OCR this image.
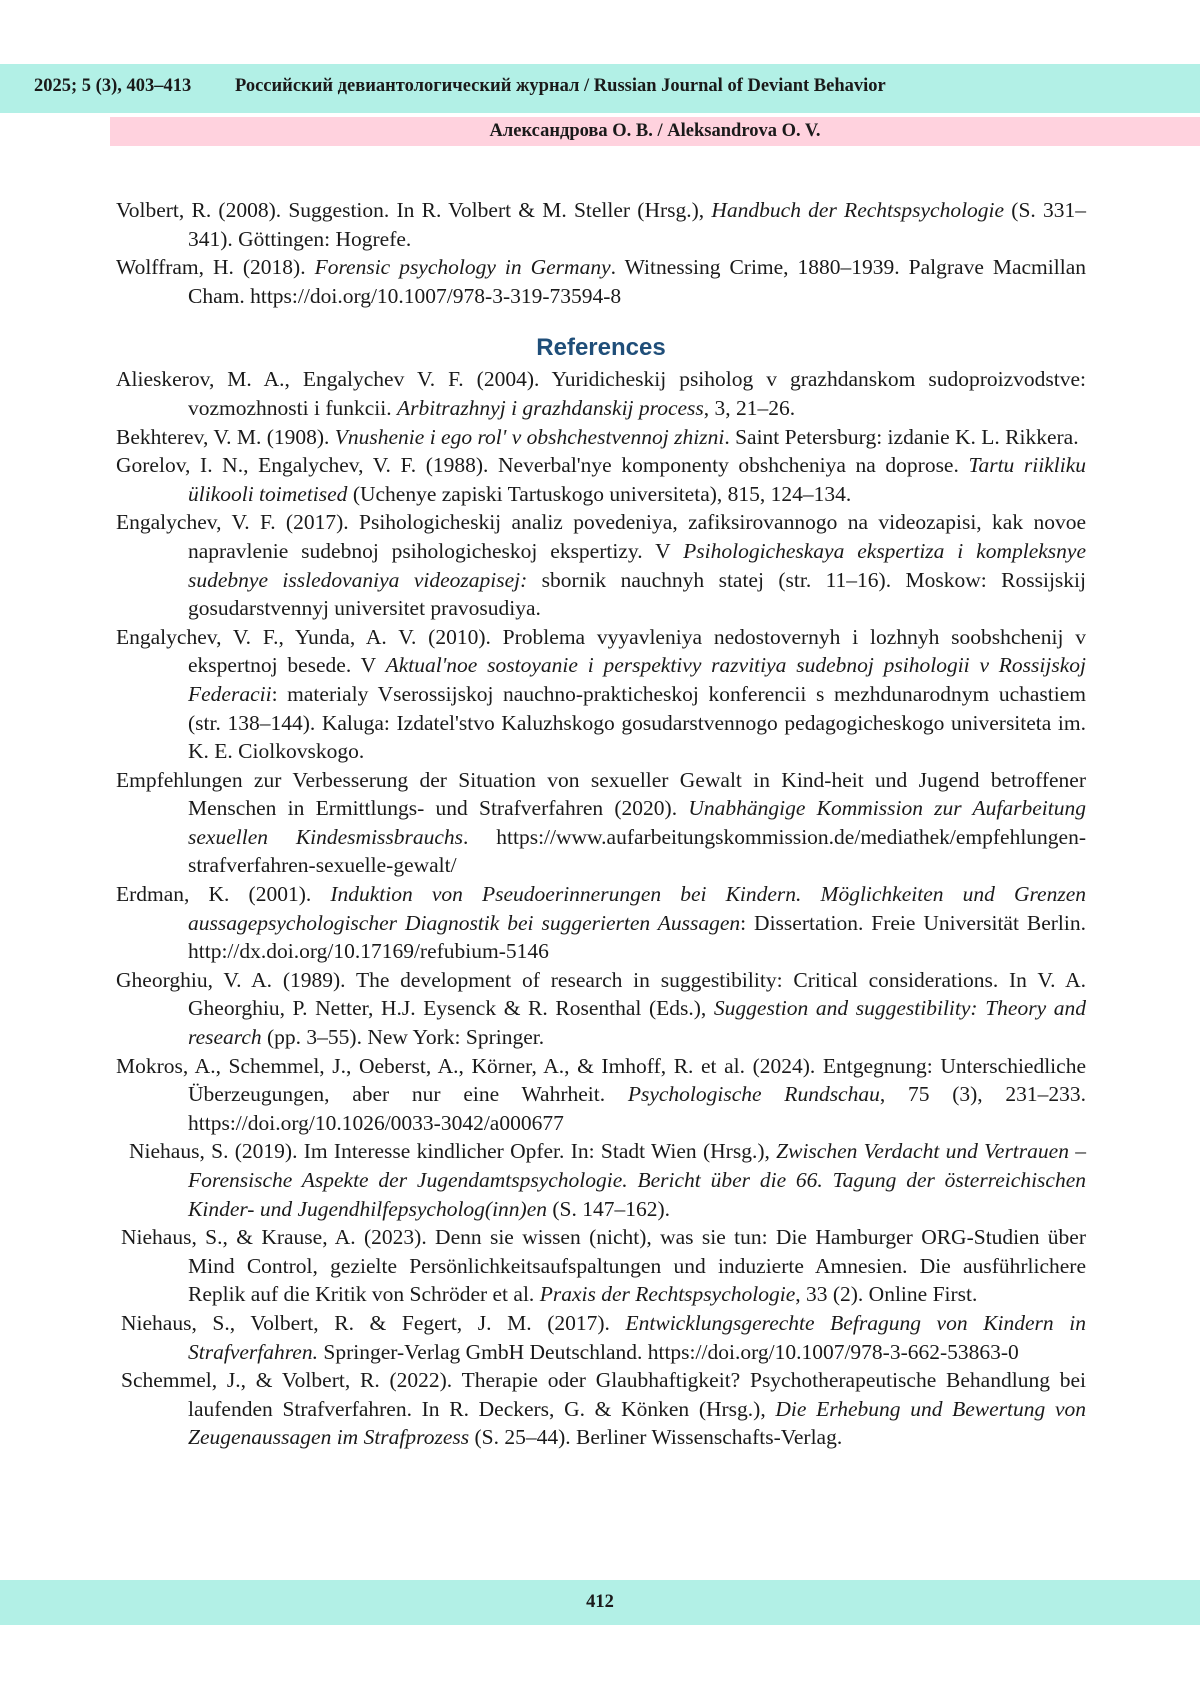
2025; 5 (3), 403–413 Российский девиантологический журнал / Russian Journal of Deviant Behavior
Александрова О. В. / Aleksandrova O. V.

Volbert, R. (2008). Suggestion. In R. Volbert & M. Steller (Hrsg.), Handbuch der Rechtspsychologie (S. 331–341). Göttingen: Hogrefe.

Wolffram, H. (2018). Forensic psychology in Germany. Witnessing Crime, 1880–1939. Palgrave Macmillan Cham. https://doi.org/10.1007/978-3-319-73594-8

References

Alieskerov, M. A., Engalychev V. F. (2004). Yuridicheskij psiholog v grazhdanskom sudoproizvodstve: vozmozhnosti i funkcii. Arbitrazhnyj i grazhdanskij process, 3, 21–26.

Bekhterev, V. M. (1908). Vnushenie i ego rol' v obshchestvennoj zhizni. Saint Petersburg: izdanie K. L. Rikkera.

Gorelov, I. N., Engalychev, V. F. (1988). Neverbal'nye komponenty obshcheniya na doprose. Tartu riikliku ülikooli toimetised (Uchenye zapiski Tartuskogo universiteta), 815, 124–134.

Engalychev, V. F. (2017). Psihologicheskij analiz povedeniya, zafiksirovannogo na videozapisi, kak novoe napravlenie sudebnoj psihologicheskoj ekspertizy. V Psihologicheskaya ekspertiza i kompleksnye sudebnye issledovaniya videozapisej: sbornik nauchnyh statej (str. 11–16). Moskow: Rossijskij gosudarstvennyj universitet pravosudiya.

Engalychev, V. F., Yunda, A. V. (2010). Problema vyyavleniya nedostovernyh i lozhnyh soobshchenij v ekspertnoj besede. V Aktual'noe sostoyanie i perspektivy razvitiya sudebnoj psihologii v Rossijskoj Federacii: materialy Vserossijskoj nauchno-prakticheskoj konferencii s mezhdunarodnym uchastiem (str. 138–144). Kaluga: Izdatel'stvo Kaluzhskogo gosudarstvennogo pedagogicheskogo universiteta im. K. E. Ciolkovskogo.

Empfehlungen zur Verbesserung der Situation von sexueller Gewalt in Kind-heit und Jugend betroffener Menschen in Ermittlungs- und Strafverfahren (2020). Unabhängige Kommission zur Aufarbeitung sexuellen Kindesmissbrauchs. https://www.aufarbeitungskommission.de/mediathek/empfehlungen-strafverfahren-sexuelle-gewalt/

Erdman, K. (2001). Induktion von Pseudoerinnerungen bei Kindern. Möglichkeiten und Grenzen aussagepsychologischer Diagnostik bei suggerierten Aussagen: Dissertation. Freie Universität Berlin. http://dx.doi.org/10.17169/refubium-5146

Gheorghiu, V. A. (1989). The development of research in suggestibility: Critical considerations. In V. A. Gheorghiu, P. Netter, H.J. Eysenck & R. Rosenthal (Eds.), Suggestion and suggestibility: Theory and research (pp. 3–55). New York: Springer.

Mokros, A., Schemmel, J., Oeberst, A., Körner, A., & Imhoff, R. et al. (2024). Entgegnung: Unterschiedliche Überzeugungen, aber nur eine Wahrheit. Psychologische Rundschau, 75 (3), 231–233. https://doi.org/10.1026/0033-3042/a000677

Niehaus, S. (2019). Im Interesse kindlicher Opfer. In: Stadt Wien (Hrsg.), Zwischen Verdacht und Vertrauen – Forensische Aspekte der Jugendamtspsychologie. Bericht über die 66. Tagung der österreichischen Kinder- und Jugendhilfepsycholog(inn)en (S. 147–162).

Niehaus, S., & Krause, A. (2023). Denn sie wissen (nicht), was sie tun: Die Hamburger ORG-Studien über Mind Control, gezielte Persönlichkeitsaufspaltungen und induzierte Amnesien. Die ausführlichere Replik auf die Kritik von Schröder et al. Praxis der Rechtspsychologie, 33 (2). Online First.

Niehaus, S., Volbert, R. & Fegert, J. M. (2017). Entwicklungsgerechte Befragung von Kindern in Strafverfahren. Springer-Verlag GmbH Deutschland. https://doi.org/10.1007/978-3-662-53863-0

Schemmel, J., & Volbert, R. (2022). Therapie oder Glaubhaftigkeit? Psychotherapeutische Behandlung bei laufenden Strafverfahren. In R. Deckers, G. & Könken (Hrsg.), Die Erhebung und Bewertung von Zeugenaussagen im Strafprozess (S. 25–44). Berliner Wissenschafts-Verlag.

412
